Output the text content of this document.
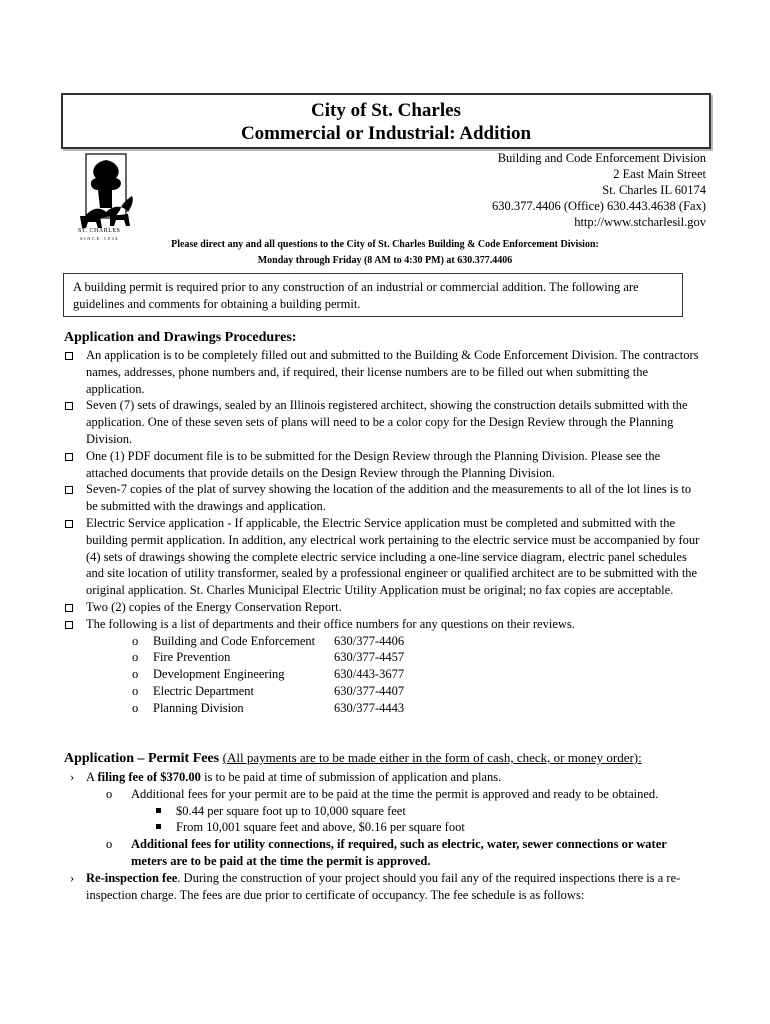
City of St. Charles
Commercial or Industrial: Addition
ST. CHARLES
SINCE 1834
Building and Code Enforcement Division
2 East Main Street
St. Charles IL 60174
630.377.4406 (Office) 630.443.4638 (Fax)
http://www.stcharlesil.gov
Please direct any and all questions to the City of St. Charles Building & Code Enforcement Division:
Monday through Friday (8 AM to 4:30 PM) at 630.377.4406
A building permit is required prior to any construction of an industrial or commercial addition. The following are guidelines and comments for obtaining a building permit.
Application and Drawings Procedures:
An application is to be completely filled out and submitted to the Building & Code Enforcement Division. The contractors names, addresses, phone numbers and, if required, their license numbers are to be filled out when submitting the application.
Seven (7) sets of drawings, sealed by an Illinois registered architect, showing the construction details submitted with the application. One of these seven sets of plans will need to be a color copy for the Design Review through the Planning Division.
One (1) PDF document file is to be submitted for the Design Review through the Planning Division. Please see the attached documents that provide details on the Design Review through the Planning Division.
Seven-7 copies of the plat of survey showing the location of the addition and the measurements to all of the lot lines is to be submitted with the drawings and application.
Electric Service application - If applicable, the Electric Service application must be completed and submitted with the building permit application. In addition, any electrical work pertaining to the electric service must be accompanied by four (4) sets of drawings showing the complete electric service including a one-line service diagram, electric panel schedules and site location of utility transformer, sealed by a professional engineer or qualified architect are to be submitted with the original application. St. Charles Municipal Electric Utility Application must be original; no fax copies are acceptable.
Two (2) copies of the Energy Conservation Report.
The following is a list of departments and their office numbers for any questions on their reviews.
o Building and Code Enforcement 630/377-4406
o Fire Prevention	630/377-4457
o Development Engineering	630/443-3677
o Electric Department	630/377-4407
o Planning Division	630/377-4443
Application – Permit Fees (All payments are to be made either in the form of cash, check, or money order):
› A filing fee of $370.00 is to be paid at time of submission of application and plans.
o Additional fees for your permit are to be paid at the time the permit is approved and ready to be obtained.
$0.44 per square foot up to 10,000 square feet
From 10,001 square feet and above, $0.16 per square foot
o Additional fees for utility connections, if required, such as electric, water, sewer connections or water meters are to be paid at the time the permit is approved.
› Re-inspection fee. During the construction of your project should you fail any of the required inspections there is a re-inspection charge. The fees are due prior to certificate of occupancy. The fee schedule is as follows:
